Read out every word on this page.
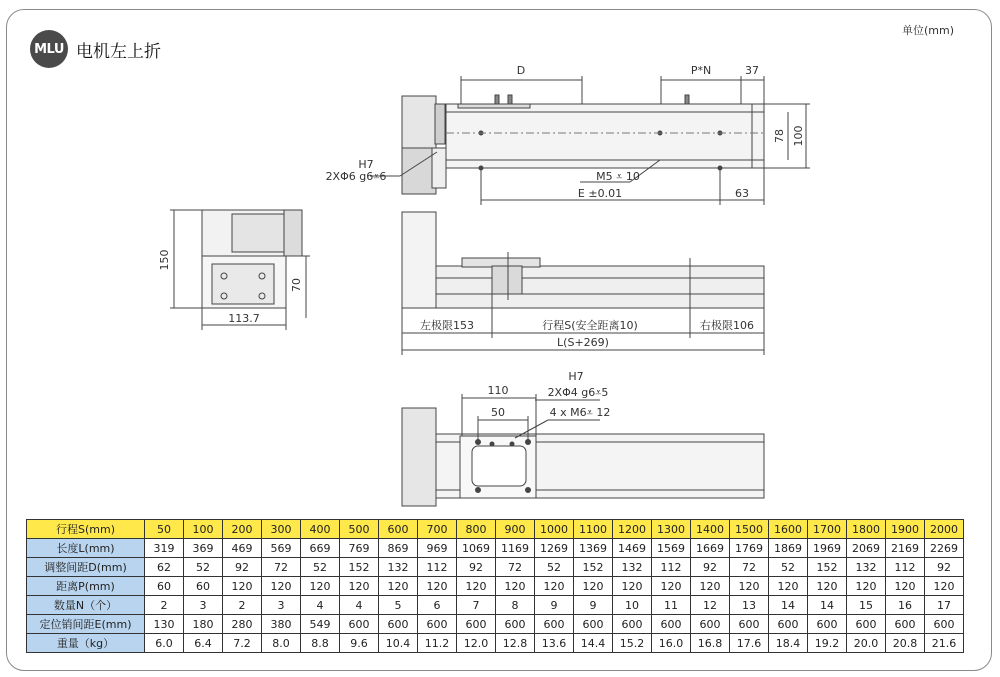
MLU 电机左上折
单位(mm)
D	P*N	37
78 100
H7
2XΦ6 g6⩡6	M5 ⩡ 10
E ±0.01	63
150
70
113.7
左极限153	行程S(安全距离10)	右极限106
L(S+269)
110
H7
2XΦ4 g6⩡5
50	4 x M6⩡ 12
行程S(mm)	50	100	200	300	400	500	600	700	800	900	1000	1100	1200	1300	1400	1500	1600	1700	1800	1900	2000
长度L(mm)	319	369	469	569	669	769	869	969	1069	1169	1269	1369	1469	1569	1669	1769	1869	1969	2069	2169	2269
调整间距D(mm)	62	52	92	72	52	152	132	112	92	72	52	152	132	112	92	72	52	152	132	112	92
距离P(mm)	60	60	120	120	120	120	120	120	120	120	120	120	120	120	120	120	120	120	120	120	120
数量N（个）	2	3	2	3	4	4	5	6	7	8	9	9	10	11	12	13	14	14	15	16	17
定位销间距E(mm)	130	180	280	380	549	600	600	600	600	600	600	600	600	600	600	600	600	600	600	600	600
重量（kg）	6.0	6.4	7.2	8.0	8.8	9.6	10.4	11.2	12.0	12.8	13.6	14.4	15.2	16.0	16.8	17.6	18.4	19.2	20.0	20.8	21.6
